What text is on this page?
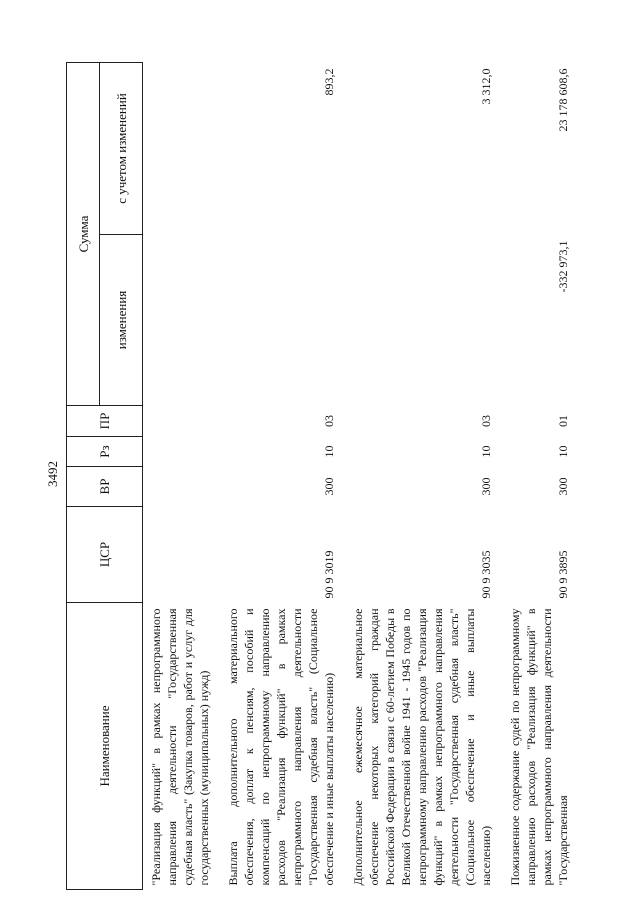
3492
Наименование	ЦСР	ВР	Рз	ПР	Сумма	
					изменения	с учетом изменений
"Реализация функций" в рамках непрограммного направления деятельности "Государственная судебная власть" (Закупка товаров, работ и услуг для государственных (муниципальных) нужд)						
Выплата дополнительного материального обеспечения, доплат к пенсиям, пособий и компенсаций по непрограммному направлению расходов "Реализация функций" в рамках непрограммного направления деятельности "Государственная судебная власть" (Социальное обеспечение и иные выплаты населению)	90 9 3019	300	10	03		893,2
Дополнительное ежемесячное материальное обеспечение некоторых категорий граждан Российской Федерации в связи с 60-летием Победы в Великой Отечественной войне 1941 - 1945 годов по непрограммному направлению расходов "Реализация функций" в рамках непрограммного направления деятельности "Государственная судебная власть" (Социальное обеспечение и иные выплаты населению)	90 9 3035	300	10	03		3 312,0
Пожизненное содержание судей по непрограммному направлению расходов "Реализация функций" в рамках непрограммного направления деятельности "Государственная	90 9 3895	300	10	01	-332 973,1	23 178 608,6
